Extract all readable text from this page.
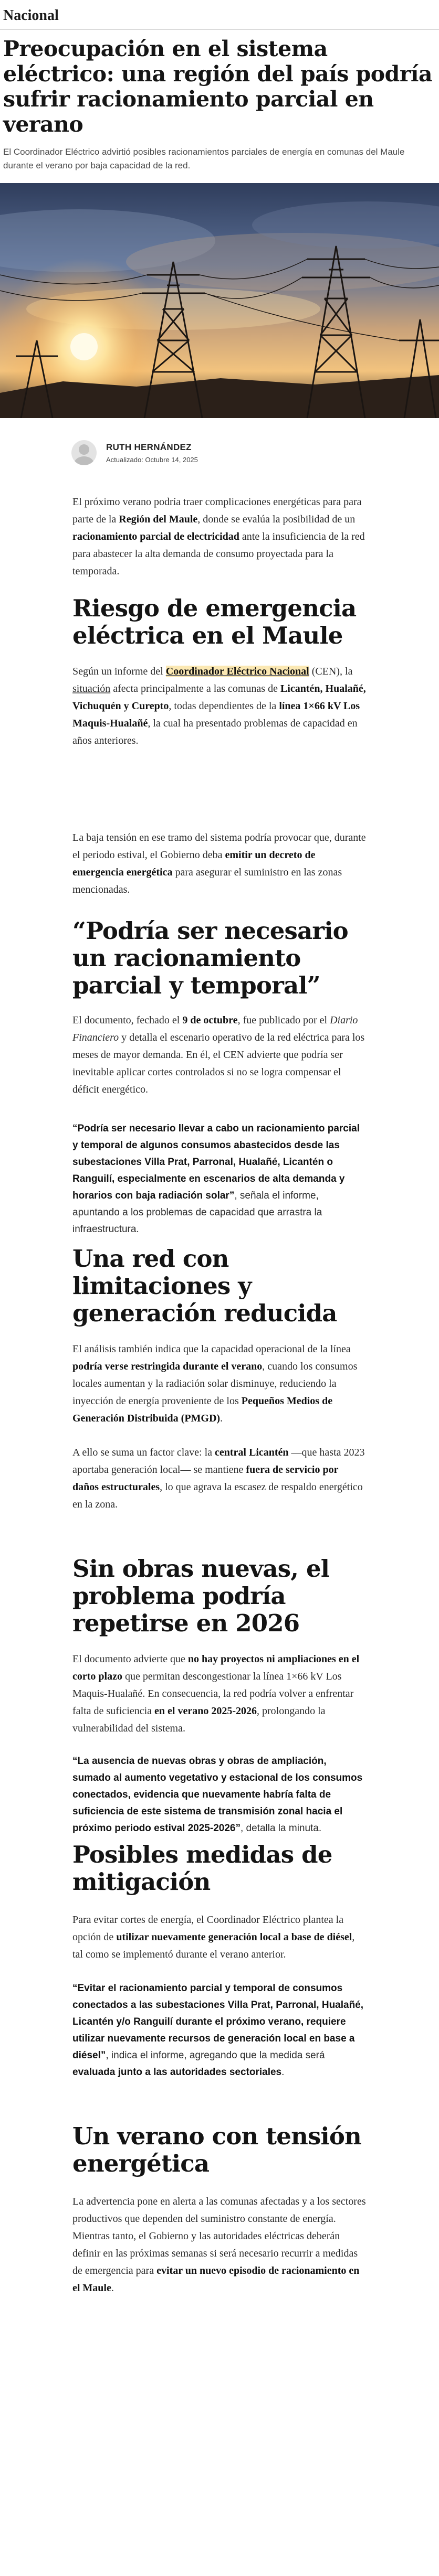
Nacional
Preocupación en el sistema eléctrico: una región del país podría sufrir racionamiento parcial en verano

El Coordinador Eléctrico advirtió posibles racionamientos parciales de energía en comunas del Maule durante el verano por baja capacidad de la red.

RUTH HERNÁNDEZ
Actualizado: Octubre 14, 2025

El próximo verano podría traer complicaciones energéticas para para parte de la Región del Maule, donde se evalúa la posibilidad de un racionamiento parcial de electricidad ante la insuficiencia de la red para abastecer la alta demanda de consumo proyectada para la temporada.

Riesgo de emergencia eléctrica en el Maule

Según un informe del Coordinador Eléctrico Nacional (CEN), la situación afecta principalmente a las comunas de Licantén, Hualañé, Vichuquén y Curepto, todas dependientes de la línea 1×66 kV Los Maquis-Hualañé, la cual ha presentado problemas de capacidad en años anteriores.

La baja tensión en ese tramo del sistema podría provocar que, durante el periodo estival, el Gobierno deba emitir un decreto de emergencia energética para asegurar el suministro en las zonas mencionadas.

“Podría ser necesario un racionamiento parcial y temporal”

El documento, fechado el 9 de octubre, fue publicado por el Diario Financiero y detalla el escenario operativo de la red eléctrica para los meses de mayor demanda. En él, el CEN advierte que podría ser inevitable aplicar cortes controlados si no se logra compensar el déficit energético.

“Podría ser necesario llevar a cabo un racionamiento parcial y temporal de algunos consumos abastecidos desde las subestaciones Villa Prat, Parronal, Hualañé, Licantén o Ranguilí, especialmente en escenarios de alta demanda y horarios con baja radiación solar”, señala el informe, apuntando a los problemas de capacidad que arrastra la infraestructura.

Una red con limitaciones y generación reducida

El análisis también indica que la capacidad operacional de la línea podría verse restringida durante el verano, cuando los consumos locales aumentan y la radiación solar disminuye, reduciendo la inyección de energía proveniente de los Pequeños Medios de Generación Distribuida (PMGD).

A ello se suma un factor clave: la central Licantén —que hasta 2023 aportaba generación local— se mantiene fuera de servicio por daños estructurales, lo que agrava la escasez de respaldo energético en la zona.

Sin obras nuevas, el problema podría repetirse en 2026

El documento advierte que no hay proyectos ni ampliaciones en el corto plazo que permitan descongestionar la línea 1×66 kV Los Maquis-Hualañé. En consecuencia, la red podría volver a enfrentar falta de suficiencia en el verano 2025-2026, prolongando la vulnerabilidad del sistema.

“La ausencia de nuevas obras y obras de ampliación, sumado al aumento vegetativo y estacional de los consumos conectados, evidencia que nuevamente habría falta de suficiencia de este sistema de transmisión zonal hacia el próximo periodo estival 2025-2026”, detalla la minuta.

Posibles medidas de mitigación

Para evitar cortes de energía, el Coordinador Eléctrico plantea la opción de utilizar nuevamente generación local a base de diésel, tal como se implementó durante el verano anterior.

“Evitar el racionamiento parcial y temporal de consumos conectados a las subestaciones Villa Prat, Parronal, Hualañé, Licantén y/o Ranguilí durante el próximo verano, requiere utilizar nuevamente recursos de generación local en base a diésel”, indica el informe, agregando que la medida será evaluada junto a las autoridades sectoriales.

Un verano con tensión energética

La advertencia pone en alerta a las comunas afectadas y a los sectores productivos que dependen del suministro constante de energía. Mientras tanto, el Gobierno y las autoridades eléctricas deberán definir en las próximas semanas si será necesario recurrir a medidas de emergencia para evitar un nuevo episodio de racionamiento en el Maule.
